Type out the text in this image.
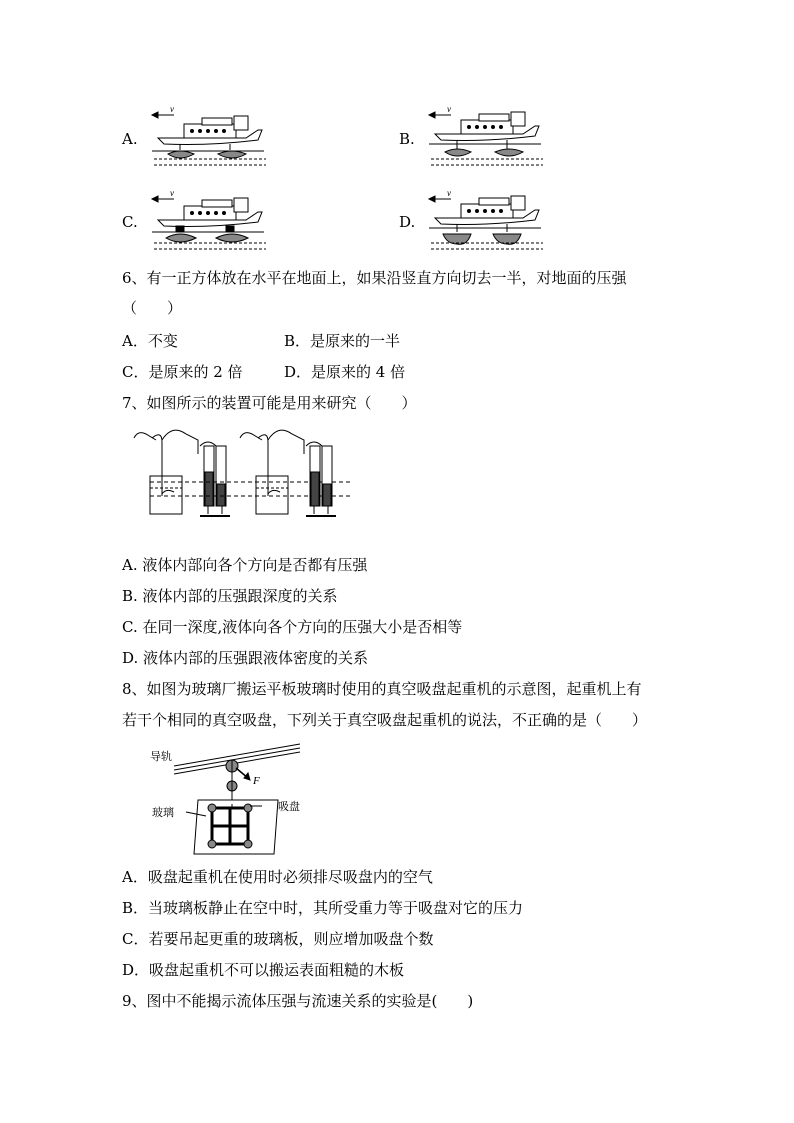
A.	B.
C.	D.
v	v
v	v
6、有一正方体放在水平在地面上，如果沿竖直方向切去一半，对地面的压强
（　　）
A．不变	B．是原来的一半
C．是原来的 2 倍	D．是原来的 4 倍
7、如图所示的装置可能是用来研究（　　）
A. 液体内部向各个方向是否都有压强
B. 液体内部的压强跟深度的关系
C. 在同一深度,液体向各个方向的压强大小是否相等
D. 液体内部的压强跟液体密度的关系
8、如图为玻璃厂搬运平板玻璃时使用的真空吸盘起重机的示意图，起重机上有
若干个相同的真空吸盘，下列关于真空吸盘起重机的说法，不正确的是（　　）
导轨
F
玻璃	吸盘
A．吸盘起重机在使用时必须排尽吸盘内的空气
B．当玻璃板静止在空中时，其所受重力等于吸盘对它的压力
C．若要吊起更重的玻璃板，则应增加吸盘个数
D．吸盘起重机不可以搬运表面粗糙的木板
9、图中不能揭示流体压强与流速关系的实验是(　　)
